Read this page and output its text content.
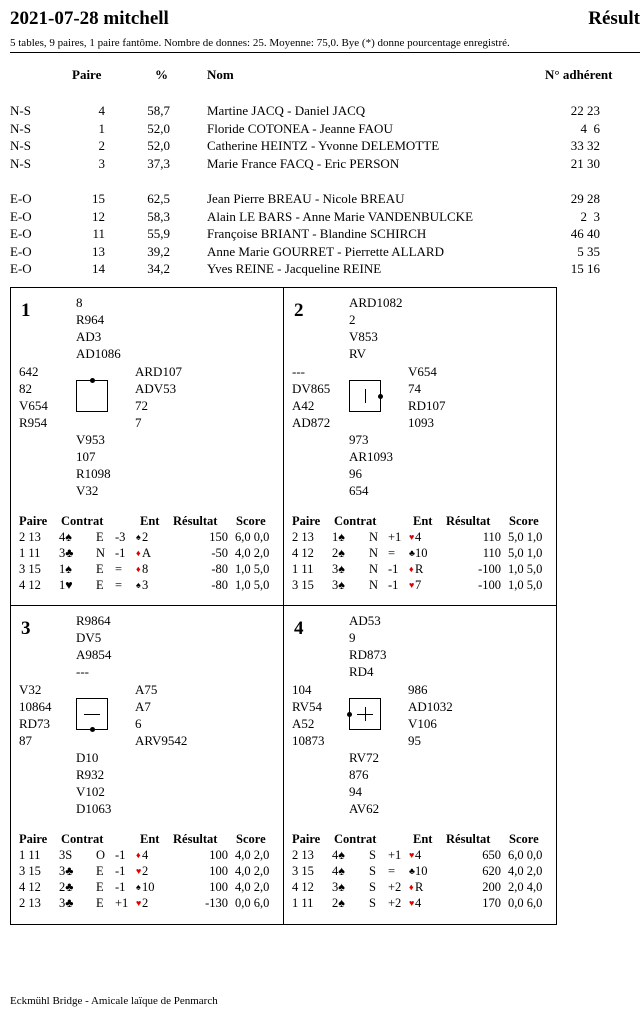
2021-07-28 mitchell	Résult
5 tables, 9 paires, 1 paire fantôme. Nombre de donnes: 25. Moyenne: 75,0. Bye (*) donne pourcentage enregistré.
Paire	%	Nom	N° adhérent
N-S	4	58,7	Martine JACQ - Daniel JACQ	22 23
N-S	1	52,0	Floride COTONEA - Jeanne FAOU	4  6
N-S	2	52,0	Catherine HEINTZ - Yvonne DELEMOTTE	33 32
N-S	3	37,3	Marie France FACQ - Eric PERSON	21 30
E-O	15	62,5	Jean Pierre BREAU - Nicole BREAU	29 28
E-O	12	58,3	Alain LE BARS - Anne Marie VANDENBULCKE	2  3
E-O	11	55,9	Françoise BRIANT - Blandine SCHIRCH	46 40
E-O	13	39,2	Anne Marie GOURRET - Pierrette ALLARD	5 35
E-O	14	34,2	Yves REINE - Jacqueline REINE	15 16
1	8
R964
AD3
AD1086
642
82
V654
R954
ARD107
ADV53
72
7
V953
107
R1098
V32
Paire Contrat	Ent Résultat Score
2 13 4♠ E -3 ♠ 2	150 6,0 0,0
1 11 3♣ N -1 ♦ A	-50 4,0 2,0
3 15 1♠ E = ♦ 8	-80 1,0 5,0
4 12 1♥ E = ♠ 3	-80 1,0 5,0
2	ARD1082
2
V853
RV
---
DV865
A42
AD872
V654
74
RD107
1093
973
AR1093
96
654
Paire Contrat	Ent Résultat Score
2 13 1♠ N +1 ♥ 4	110 5,0 1,0
4 12 2♠ N = ♣ 10	110 5,0 1,0
1 11 3♠ N -1 ♦ R	-100 1,0 5,0
3 15 3♠ N -1 ♥ 7	-100 1,0 5,0
3	R9864
DV5
A9854
---
V32
10864
RD73
87
A75
A7
6
ARV9542
D10
R932
V102
D1063
Paire Contrat	Ent Résultat Score
1 11 3S O -1 ♦ 4	100 4,0 2,0
3 15 3♣ E -1 ♥ 2	100 4,0 2,0
4 12 2♣ E -1 ♠ 10	100 4,0 2,0
2 13 3♣ E +1 ♥ 2	-130 0,0 6,0
4	AD53
9
RD873
RD4
104
RV54
A52
10873
986
AD1032
V106
95
RV72
876
94
AV62
Paire Contrat	Ent Résultat Score
2 13 4♠ S +1 ♥ 4	650 6,0 0,0
3 15 4♠ S = ♣ 10	620 4,0 2,0
4 12 3♠ S +2 ♦ R	200 2,0 4,0
1 11 2♠ S +2 ♥ 4	170 0,0 6,0
Eckmühl Bridge - Amicale laïque de Penmarch
